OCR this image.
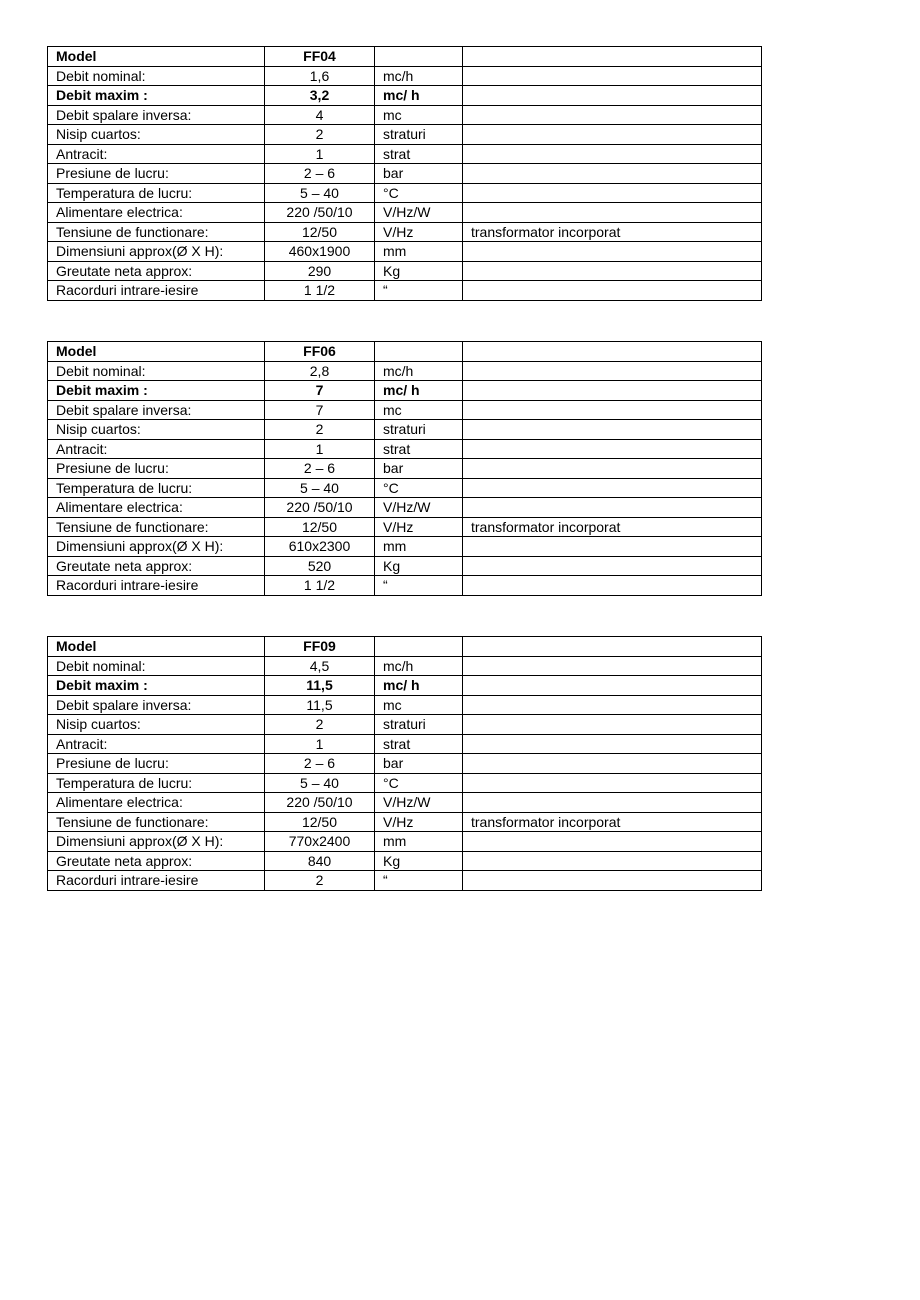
Model	FF04		
Debit nominal:	1,6	mc/h	
Debit maxim :	3,2	mc/ h	
Debit spalare inversa:	4	mc	
Nisip cuartos:	2	straturi	
Antracit:	1	strat	
Presiune de lucru:	2 – 6	bar	
Temperatura de lucru:	5 – 40	°C	
Alimentare electrica:	220 /50/10	V/Hz/W	
Tensiune de functionare:	12/50	V/Hz	transformator incorporat
Dimensiuni approx(Ø X H):	460x1900	mm	
Greutate neta approx:	290	Kg	
Racorduri intrare-iesire	1 1/2	“	
Model	FF06		
Debit nominal:	2,8	mc/h	
Debit maxim :	7	mc/ h	
Debit spalare inversa:	7	mc	
Nisip cuartos:	2	straturi	
Antracit:	1	strat	
Presiune de lucru:	2 – 6	bar	
Temperatura de lucru:	5 – 40	°C	
Alimentare electrica:	220 /50/10	V/Hz/W	
Tensiune de functionare:	12/50	V/Hz	transformator incorporat
Dimensiuni approx(Ø X H):	610x2300	mm	
Greutate neta approx:	520	Kg	
Racorduri intrare-iesire	1 1/2	“	
Model	FF09		
Debit nominal:	4,5	mc/h	
Debit maxim :	11,5	mc/ h	
Debit spalare inversa:	11,5	mc	
Nisip cuartos:	2	straturi	
Antracit:	1	strat	
Presiune de lucru:	2 – 6	bar	
Temperatura de lucru:	5 – 40	°C	
Alimentare electrica:	220 /50/10	V/Hz/W	
Tensiune de functionare:	12/50	V/Hz	transformator incorporat
Dimensiuni approx(Ø X H):	770x2400	mm	
Greutate neta approx:	840	Kg	
Racorduri intrare-iesire	2	“	
